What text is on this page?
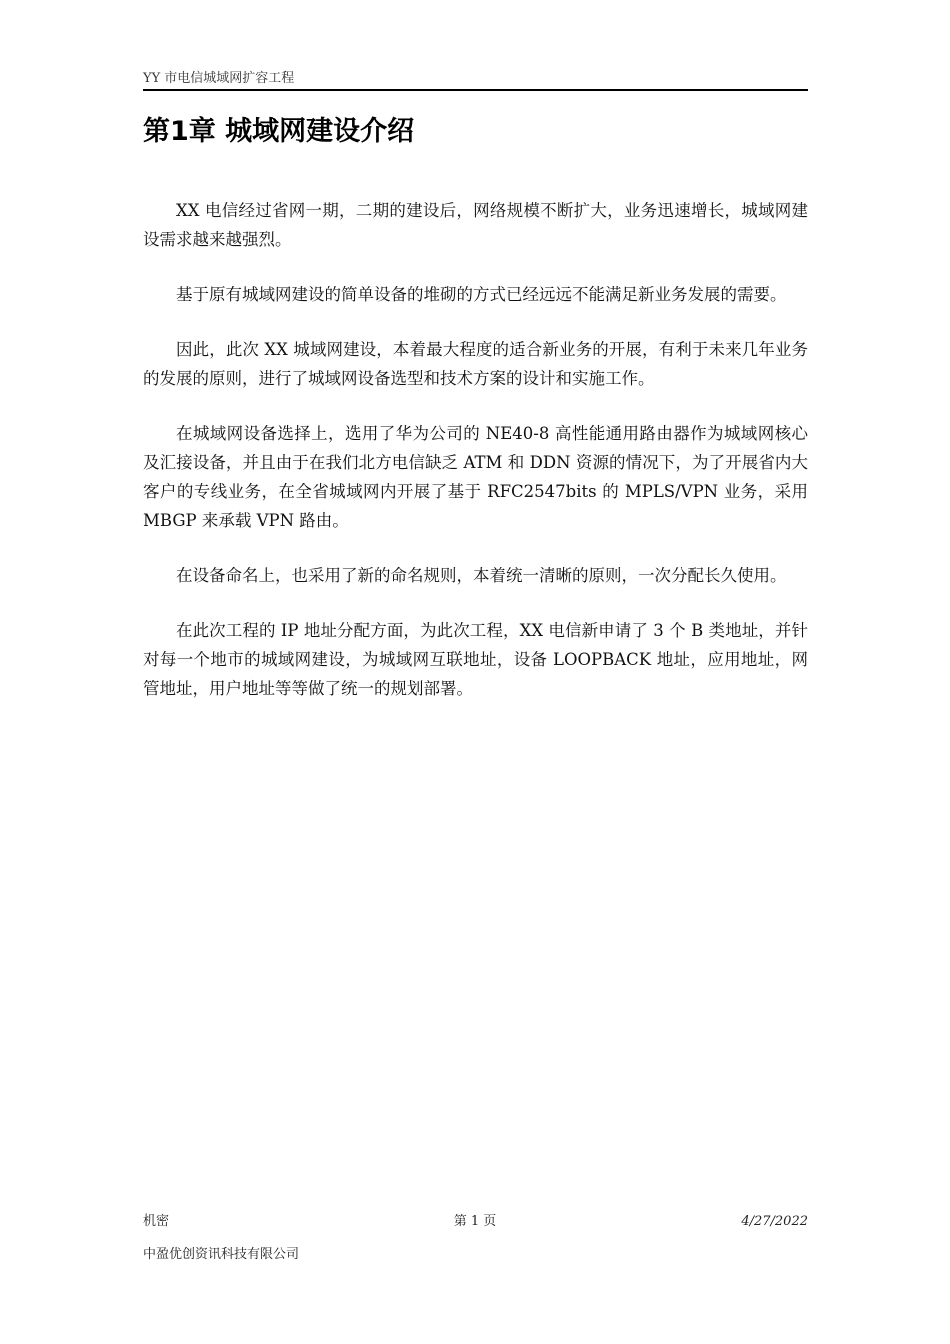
YY 市电信城域网扩容工程
第1章 城域网建设介绍

XX 电信经过省网一期，二期的建设后，网络规模不断扩大，业务迅速增长，城域网建设需求越来越强烈。

基于原有城域网建设的简单设备的堆砌的方式已经远远不能满足新业务发展的需要。

因此，此次 XX 城域网建设，本着最大程度的适合新业务的开展，有利于未来几年业务的发展的原则，进行了城域网设备选型和技术方案的设计和实施工作。

在城域网设备选择上，选用了华为公司的 NE40-8 高性能通用路由器作为城域网核心及汇接设备，并且由于在我们北方电信缺乏 ATM 和 DDN 资源的情况下，为了开展省内大客户的专线业务，在全省城域网内开展了基于 RFC2547bits 的 MPLS/VPN 业务，采用 MBGP 来承载 VPN 路由。

在设备命名上，也采用了新的命名规则，本着统一清晰的原则，一次分配长久使用。

在此次工程的 IP 地址分配方面，为此次工程，XX 电信新申请了 3 个 B 类地址，并针对每一个地市的城域网建设，为城域网互联地址，设备 LOOPBACK 地址，应用地址，网管地址，用户地址等等做了统一的规划部署。

机密	第 1 页	4/27/2022
中盈优创资讯科技有限公司
